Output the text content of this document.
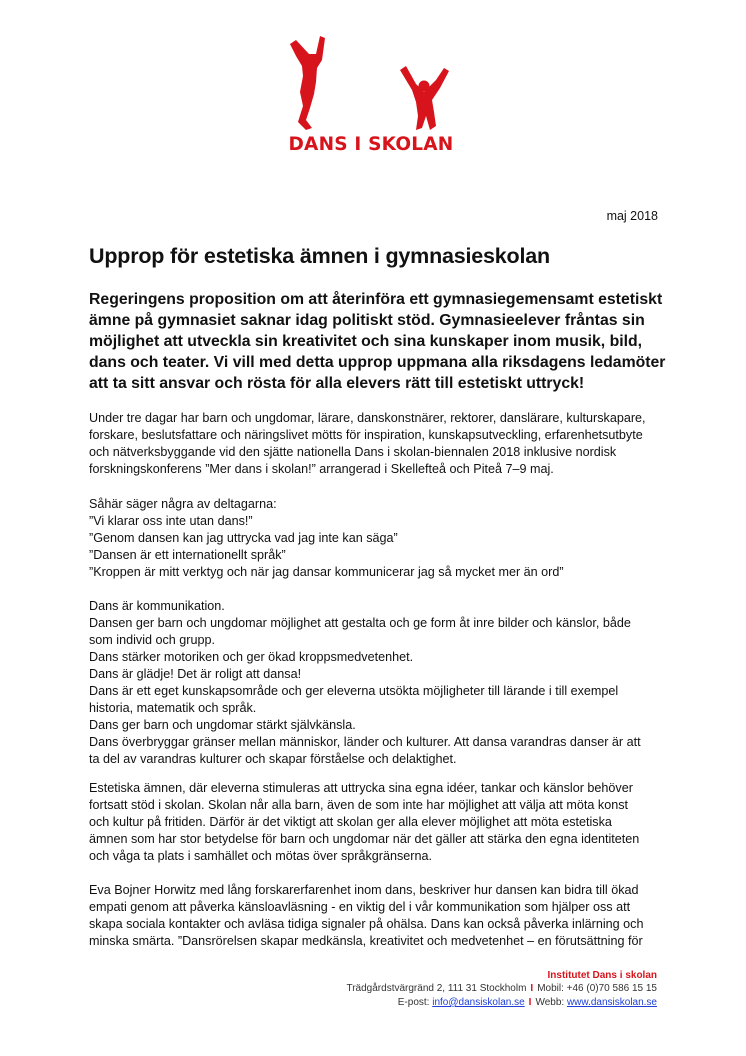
DANS I SKOLAN
maj 2018
Upprop för estetiska ämnen i gymnasieskolan
Regeringens proposition om att återinföra ett gymnasiegemensamt estetiskt
ämne på gymnasiet saknar idag politiskt stöd. Gymnasieelever fråntas sin
möjlighet att utveckla sin kreativitet och sina kunskaper inom musik, bild,
dans och teater. Vi vill med detta upprop uppmana alla riksdagens ledamöter
att ta sitt ansvar och rösta för alla elevers rätt till estetiskt uttryck!
Under tre dagar har barn och ungdomar, lärare, danskonstnärer, rektorer, danslärare, kulturskapare,
forskare, beslutsfattare och näringslivet mötts för inspiration, kunskapsutveckling, erfarenhetsutbyte
och nätverksbyggande vid den sjätte nationella Dans i skolan-biennalen 2018 inklusive nordisk
forskningskonferens ”Mer dans i skolan!” arrangerad i Skellefteå och Piteå 7–9 maj.
Såhär säger några av deltagarna:
”Vi klarar oss inte utan dans!”
”Genom dansen kan jag uttrycka vad jag inte kan säga”
”Dansen är ett internationellt språk”
”Kroppen är mitt verktyg och när jag dansar kommunicerar jag så mycket mer än ord”
Dans är kommunikation.
Dansen ger barn och ungdomar möjlighet att gestalta och ge form åt inre bilder och känslor, både
som individ och grupp.
Dans stärker motoriken och ger ökad kroppsmedvetenhet.
Dans är glädje! Det är roligt att dansa!
Dans är ett eget kunskapsområde och ger eleverna utsökta möjligheter till lärande i till exempel
historia, matematik och språk.
Dans ger barn och ungdomar stärkt självkänsla.
Dans överbryggar gränser mellan människor, länder och kulturer. Att dansa varandras danser är att
ta del av varandras kulturer och skapar förståelse och delaktighet.
Estetiska ämnen, där eleverna stimuleras att uttrycka sina egna idéer, tankar och känslor behöver
fortsatt stöd i skolan. Skolan når alla barn, även de som inte har möjlighet att välja att möta konst
och kultur på fritiden. Därför är det viktigt att skolan ger alla elever möjlighet att möta estetiska
ämnen som har stor betydelse för barn och ungdomar när det gäller att stärka den egna identiteten
och våga ta plats i samhället och mötas över språkgränserna.
Eva Bojner Horwitz med lång forskarerfarenhet inom dans, beskriver hur dansen kan bidra till ökad
empati genom att påverka känsloavläsning - en viktig del i vår kommunikation som hjälper oss att
skapa sociala kontakter och avläsa tidiga signaler på ohälsa. Dans kan också påverka inlärning och
minska smärta. ”Dansrörelsen skapar medkänsla, kreativitet och medvetenhet – en förutsättning för
Institutet Dans i skolan
Trädgårdstvärgränd 2, 111 31 Stockholm I Mobil: +46 (0)70 586 15 15
E-post: info@dansiskolan.se I Webb: www.dansiskolan.se
